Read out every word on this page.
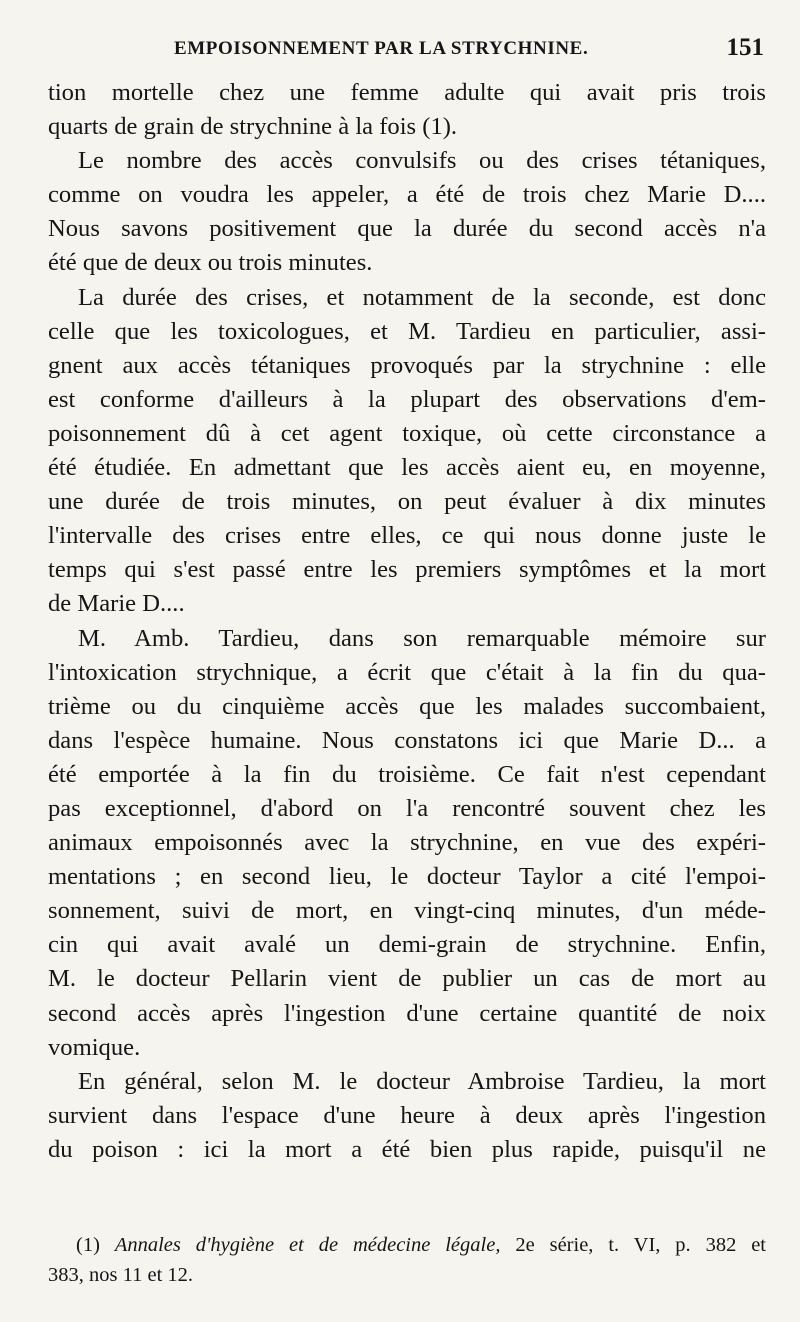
EMPOISONNEMENT PAR LA STRYCHNINE.	151
tion mortelle chez une femme adulte qui avait pris trois
quarts de grain de strychnine à la fois (1).
Le nombre des accès convulsifs ou des crises tétaniques,
comme on voudra les appeler, a été de trois chez Marie D....
Nous savons positivement que la durée du second accès n'a
été que de deux ou trois minutes.
La durée des crises, et notamment de la seconde, est donc
celle que les toxicologues, et M. Tardieu en particulier, assi-
gnent aux accès tétaniques provoqués par la strychnine : elle
est conforme d'ailleurs à la plupart des observations d'em-
poisonnement dû à cet agent toxique, où cette circonstance a
été étudiée. En admettant que les accès aient eu, en moyenne,
une durée de trois minutes, on peut évaluer à dix minutes
l'intervalle des crises entre elles, ce qui nous donne juste le
temps qui s'est passé entre les premiers symptômes et la mort
de Marie D....
M. Amb. Tardieu, dans son remarquable mémoire sur
l'intoxication strychnique, a écrit que c'était à la fin du qua-
trième ou du cinquième accès que les malades succombaient,
dans l'espèce humaine. Nous constatons ici que Marie D... a
été emportée à la fin du troisième. Ce fait n'est cependant
pas exceptionnel, d'abord on l'a rencontré souvent chez les
animaux empoisonnés avec la strychnine, en vue des expéri-
mentations ; en second lieu, le docteur Taylor a cité l'empoi-
sonnement, suivi de mort, en vingt-cinq minutes, d'un méde-
cin qui avait avalé un demi-grain de strychnine. Enfin,
M. le docteur Pellarin vient de publier un cas de mort au
second accès après l'ingestion d'une certaine quantité de noix
vomique.
En général, selon M. le docteur Ambroise Tardieu, la mort
survient dans l'espace d'une heure à deux après l'ingestion
du poison : ici la mort a été bien plus rapide, puisqu'il ne
(1) Annales d'hygiène et de médecine légale, 2e série, t. VI, p. 382 et
383, nos 11 et 12.
